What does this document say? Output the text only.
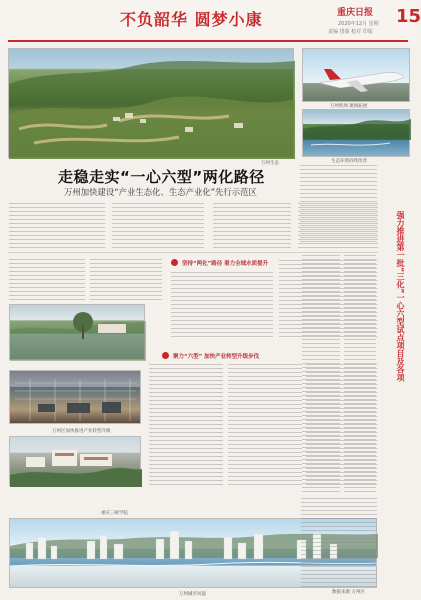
不负韶华 圆梦小康	重庆日报 15
2020年12月 星期
责编 排版 校对 印版
万州生态
万州机场 航线拓展
生态环境持续改善
走稳走实“一心六型”两化路径
万州加快建设“产业生态化、生态产业化”先行示范区
坚持“两化”路径 着力全域水质提升
聚力“六型” 加快产业转型升级步伐
万州区加快推进产业转型升级
重庆三峡学院
万州城市风貌
强力推进第一批“三化”一心六型试点项目及各项
数据来源 万州区
